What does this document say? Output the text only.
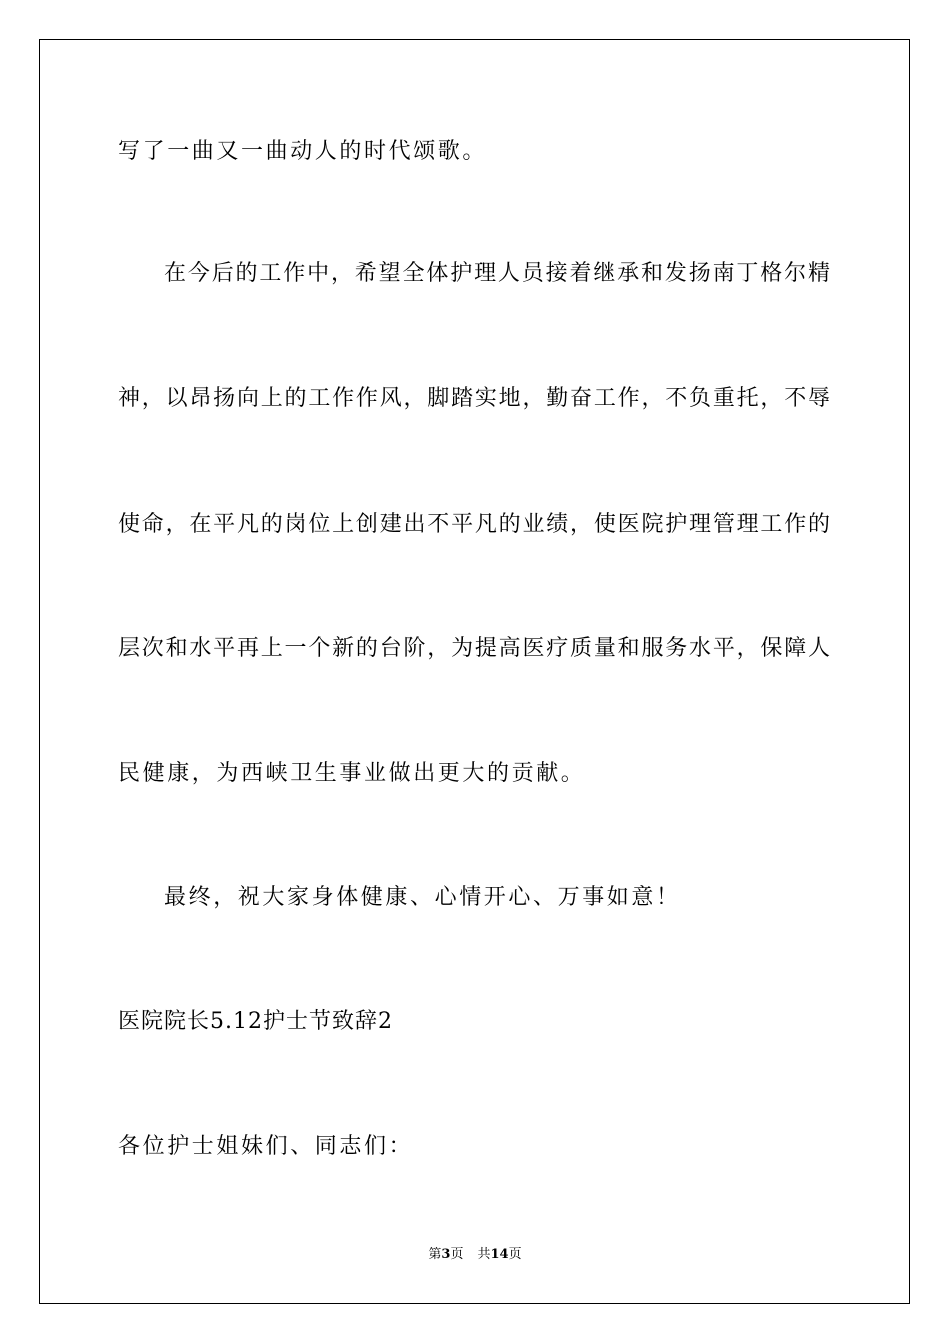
写了一曲又一曲动人的时代颂歌。
在今后的工作中，希望全体护理人员接着继承和发扬南丁格尔精
神，以昂扬向上的工作作风，脚踏实地，勤奋工作，不负重托，不辱
使命，在平凡的岗位上创建出不平凡的业绩，使医院护理管理工作的
层次和水平再上一个新的台阶，为提高医疗质量和服务水平，保障人
民健康，为西峡卫生事业做出更大的贡献。
最终，祝大家身体健康、心情开心、万事如意！
医院院长5.12护士节致辞2
各位护士姐妹们、同志们：
第3页 共14页
